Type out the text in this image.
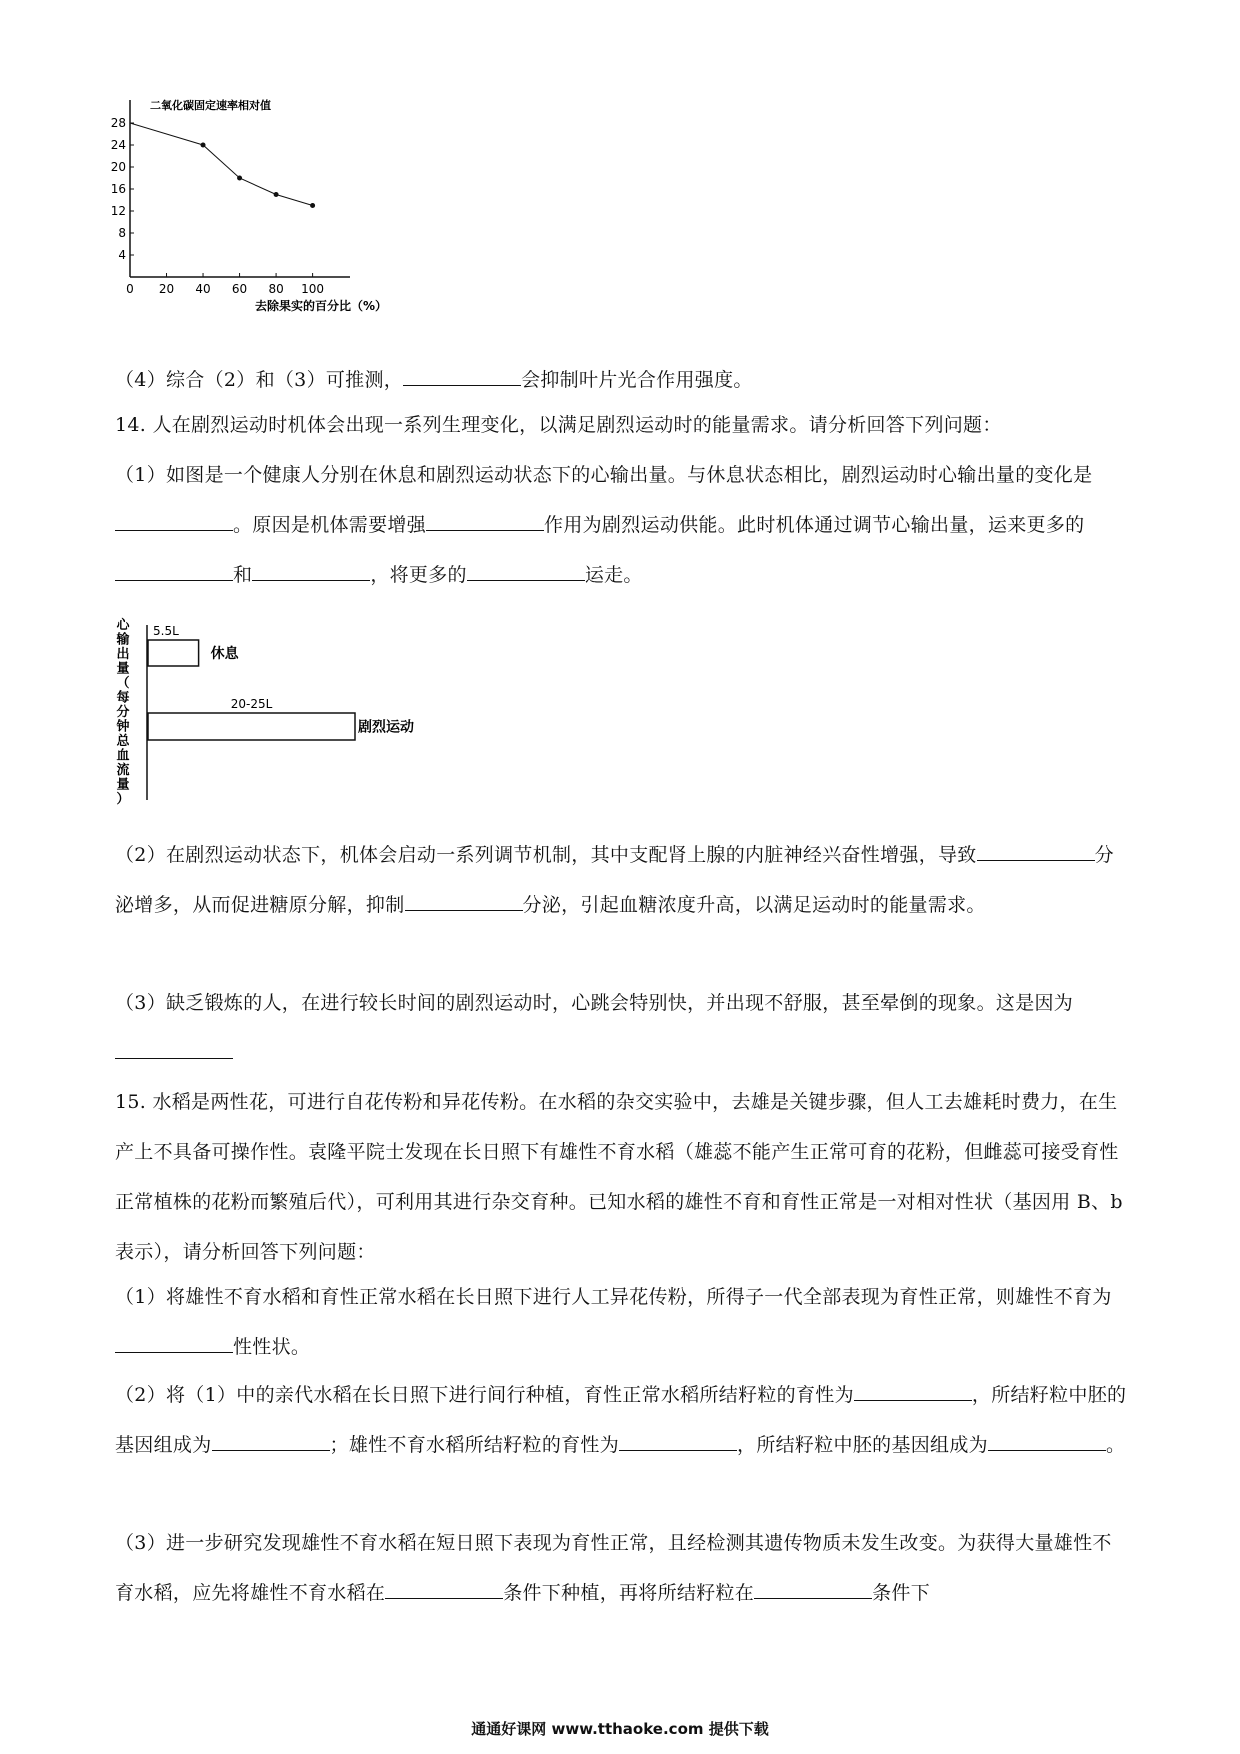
4
8
12
16
20
24
28
0 20 40 60 80 100
二氧化碳固定速率相对值
去除果实的百分比（%）
（4）综合（2）和（3）可推测，	会抑制叶片光合作用强度。
14. 人在剧烈运动时机体会出现一系列生理变化，以满足剧烈运动时的能量需求。请分析回答下列问题：
（1）如图是一个健康人分别在休息和剧烈运动状态下的心输出量。与休息状态相比，剧烈运动时心输出量的变化是。原因是机体需要增强	作用为剧烈运动供能。此时机体通过调节心输出量，运来更多的和	，将更多的	运走。
心
输
出
量
（
每
分
钟
总
血
流
量
）
5.5L
休息
20-25L
剧烈运动
（2）在剧烈运动状态下，机体会启动一系列调节机制，其中支配肾上腺的内脏神经兴奋性增强，导致	分泌增多，从而促进糖原分解，抑制	分泌，引起血糖浓度升高，以满足运动时的能量需求。
（3）缺乏锻炼的人，在进行较长时间的剧烈运动时，心跳会特别快，并出现不舒服，甚至晕倒的现象。这是因为
15. 水稻是两性花，可进行自花传粉和异花传粉。在水稻的杂交实验中，去雄是关键步骤，但人工去雄耗时费力，在生产上不具备可操作性。袁隆平院士发现在长日照下有雄性不育水稻（雄蕊不能产生正常可育的花粉，但雌蕊可接受育性正常植株的花粉而繁殖后代），可利用其进行杂交育种。已知水稻的雄性不育和育性正常是一对相对性状（基因用 B、b 表示），请分析回答下列问题：
（1）将雄性不育水稻和育性正常水稻在长日照下进行人工异花传粉，所得子一代全部表现为育性正常，则雄性不育为性性状。
（2）将（1）中的亲代水稻在长日照下进行间行种植，育性正常水稻所结籽粒的育性为	，所结籽粒中胚的基因组成为	；雄性不育水稻所结籽粒的育性为	，所结籽粒中胚的基因组成为	。
（3）进一步研究发现雄性不育水稻在短日照下表现为育性正常，且经检测其遗传物质未发生改变。为获得大量雄性不育水稻，应先将雄性不育水稻在	条件下种植，再将所结籽粒在	条件下
通通好课网 www.tthaoke.com 提供下载
